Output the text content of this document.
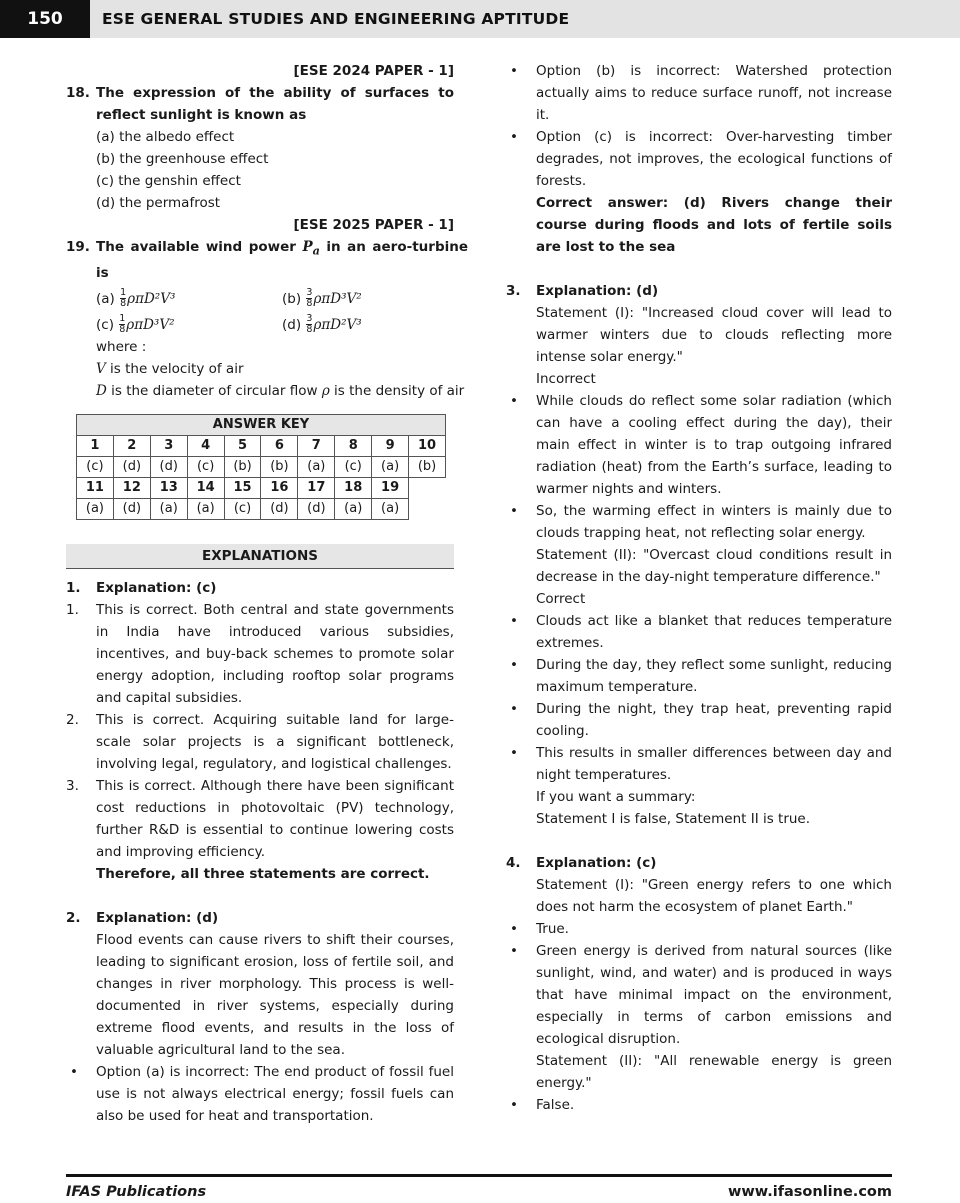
150	ESE GENERAL STUDIES AND ENGINEERING APTITUDE

[ESE 2024 PAPER - 1]

18. The expression of the ability of surfaces to reflect sunlight is known as

(a) the albedo effect
(b) the greenhouse effect
(c) the genshin effect
(d) the permafrost

[ESE 2025 PAPER - 1]

19. The available wind power $P_a$ in an aero-turbine is

$(a) \frac{1}{8} \rho\pi D^2V^3$	$(b) \frac{3}{8} \rho\pi D^3V^2$
$(c) \frac{1}{8} \rho\pi D^3V^2$	$(d) \frac{3}{8} \rho\pi D^2V^3$
where :
V is the velocity of air

D is the diameter of circular flow ρ is the density of air

ANSWER KEY									
1	2	3	4	5	6	7	8	9	10
(c)	(d)	(d)	(c)	(b)	(b)	(a)	(c)	(a)	(b)
11	12	13	14	15	16	17	18	19	
(a)	(d)	(a)	(a)	(c)	(d)	(d)	(a)	(a)	
EXPLANATIONS
1.	Explanation: (c)
1.	This is correct. Both central and state governments in India have introduced various subsidies, incentives, and buy-back schemes to promote solar energy adoption, including rooftop solar programs and capital subsidies.
2.	This is correct. Acquiring suitable land for large-scale solar projects is a significant bottleneck, involving legal, regulatory, and logistical challenges.
3.	This is correct. Although there have been significant cost reductions in photovoltaic (PV) technology, further R&D is essential to continue lowering costs and improving efficiency.

Therefore, all three statements are correct.

2.	Explanation: (d)

Flood events can cause rivers to shift their courses, leading to significant erosion, loss of fertile soil, and changes in river morphology. This process is well-documented in river systems, especially during extreme flood events, and results in the loss of valuable agricultural land to the sea.

•	Option (a) is incorrect: The end product of fossil fuel use is not always electrical energy; fossil fuels can also be used for heat and transportation.
•	Option (b) is incorrect: Watershed protection actually aims to reduce surface runoff, not increase it.
•	Option (c) is incorrect: Over-harvesting timber degrades, not improves, the ecological functions of forests.

Correct answer: (d) Rivers change their course during floods and lots of fertile soils are lost to the sea

3.	Explanation: (d)

Statement (I): "Increased cloud cover will lead to warmer winters due to clouds reflecting more intense solar energy."

Incorrect

•	While clouds do reflect some solar radiation (which can have a cooling effect during the day), their main effect in winter is to trap outgoing infrared radiation (heat) from the Earth’s surface, leading to warmer nights and winters.
•	So, the warming effect in winters is mainly due to clouds trapping heat, not reflecting solar energy.

Statement (II): "Overcast cloud conditions result in decrease in the day-night temperature difference."

Correct

•	Clouds act like a blanket that reduces temperature extremes.
•	During the day, they reflect some sunlight, reducing maximum temperature.
•	During the night, they trap heat, preventing rapid cooling.
•	This results in smaller differences between day and night temperatures.

If you want a summary:

Statement I is false, Statement II is true.

4.	Explanation: (c)

Statement (I): "Green energy refers to one which does not harm the ecosystem of planet Earth."

•	True.
•	Green energy is derived from natural sources (like sunlight, wind, and water) and is produced in ways that have minimal impact on the environment, especially in terms of carbon emissions and ecological disruption.

Statement (II): "All renewable energy is green energy."

•	False.
IFAS Publications	www.ifasonline.com
